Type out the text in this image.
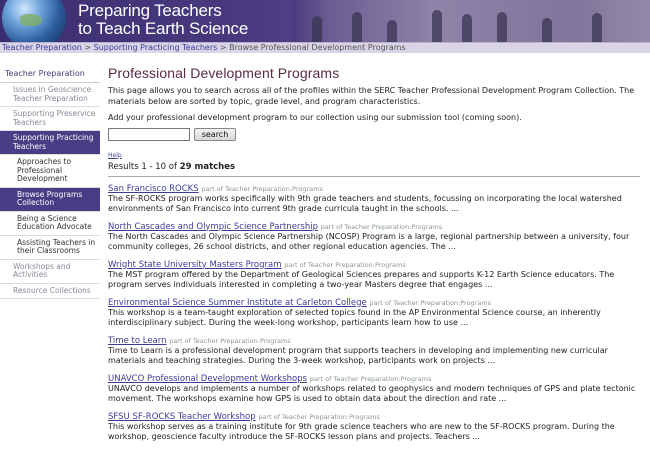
Preparing Teachers
to Teach Earth Science
Teacher Preparation > Supporting Practicing Teachers > Browse Professional Development Programs
Teacher Preparation
Issues in Geoscience Teacher Preparation
Supporting Preservice Teachers
Supporting Practicing Teachers
Approaches to Professional Development
Browse Programs Collection
Being a Science Education Advocate
Assisting Teachers in their Classrooms
Workshops and Activities
Resource Collections
Professional Development Programs

This page allows you to search across all of the profiles within the SERC Teacher Professional Development Program Collection. The materials below are sorted by topic, grade level, and program characteristics.

Add your professional development program to our collection using our submission tool (coming soon).

search
Help
Results 1 - 10 of 29 matches
San Francisco ROCKS part of Teacher Preparation:Programs
The SF-ROCKS program works specifically with 9th grade teachers and students, focussing on incorporating the local watershed environments of San Francisco into current 9th grade curricula taught in the schools. ...
North Cascades and Olympic Science Partnership part of Teacher Preparation:Programs
The North Cascades and Olympic Science Partnership (NCOSP) Program is a large, regional partnership between a university, four community colleges, 26 school districts, and other regional education agencies. The ...
Wright State University Masters Program part of Teacher Preparation:Programs
The MST program offered by the Department of Geological Sciences prepares and supports K-12 Earth Science educators. The program serves individuals interested in completing a two-year Masters degree that engages ...
Environmental Science Summer Institute at Carleton College part of Teacher Preparation:Programs
This workshop is a team-taught exploration of selected topics found in the AP Environmental Science course, an inherently interdisciplinary subject. During the week-long workshop, participants learn how to use ...
Time to Learn part of Teacher Preparation:Programs
Time to Learn is a professional development program that supports teachers in developing and implementing new curricular materials and teaching strategies. During the 3-week workshop, participants work on projects ...
UNAVCO Professional Development Workshops part of Teacher Preparation:Programs
UNAVCO develops and implements a number of workshops related to geophysics and modern techniques of GPS and plate tectonic movement. The workshops examine how GPS is used to obtain data about the direction and rate ...
SFSU SF-ROCKS Teacher Workshop part of Teacher Preparation:Programs
This workshop serves as a training institute for 9th grade science teachers who are new to the SF-ROCKS program. During the workshop, geoscience faculty introduce the SF-ROCKS lesson plans and projects. Teachers ...
